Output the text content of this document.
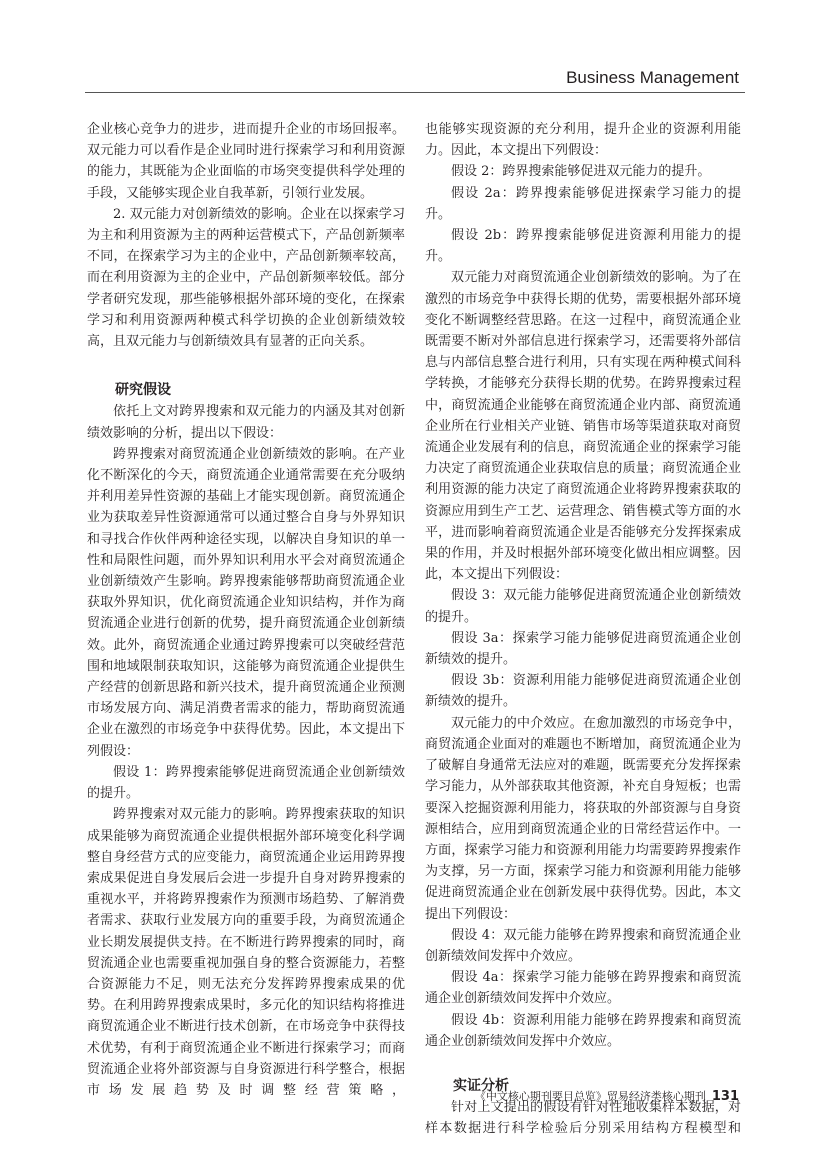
Business Management

企业核心竞争力的进步，进而提升企业的市场回报率。双元能力可以看作是企业同时进行探索学习和利用资源的能力，其既能为企业面临的市场突变提供科学处理的手段，又能够实现企业自我革新，引领行业发展。

2. 双元能力对创新绩效的影响。企业在以探索学习为主和利用资源为主的两种运营模式下，产品创新频率不同，在探索学习为主的企业中，产品创新频率较高，而在利用资源为主的企业中，产品创新频率较低。部分学者研究发现，那些能够根据外部环境的变化，在探索学习和利用资源两种模式科学切换的企业创新绩效较高，且双元能力与创新绩效具有显著的正向关系。

研究假设

依托上文对跨界搜索和双元能力的内涵及其对创新绩效影响的分析，提出以下假设：

跨界搜索对商贸流通企业创新绩效的影响。在产业化不断深化的今天，商贸流通企业通常需要在充分吸纳并利用差异性资源的基础上才能实现创新。商贸流通企业为获取差异性资源通常可以通过整合自身与外界知识和寻找合作伙伴两种途径实现，以解决自身知识的单一性和局限性问题，而外界知识利用水平会对商贸流通企业创新绩效产生影响。跨界搜索能够帮助商贸流通企业获取外界知识，优化商贸流通企业知识结构，并作为商贸流通企业进行创新的优势，提升商贸流通企业创新绩效。此外，商贸流通企业通过跨界搜索可以突破经营范围和地域限制获取知识，这能够为商贸流通企业提供生产经营的创新思路和新兴技术，提升商贸流通企业预测市场发展方向、满足消费者需求的能力，帮助商贸流通企业在激烈的市场竞争中获得优势。因此，本文提出下列假设：

假设 1：跨界搜索能够促进商贸流通企业创新绩效的提升。

跨界搜索对双元能力的影响。跨界搜索获取的知识成果能够为商贸流通企业提供根据外部环境变化科学调整自身经营方式的应变能力，商贸流通企业运用跨界搜索成果促进自身发展后会进一步提升自身对跨界搜索的重视水平，并将跨界搜索作为预测市场趋势、了解消费者需求、获取行业发展方向的重要手段，为商贸流通企业长期发展提供支持。在不断进行跨界搜索的同时，商贸流通企业也需要重视加强自身的整合资源能力，若整合资源能力不足，则无法充分发挥跨界搜索成果的优势。在利用跨界搜索成果时，多元化的知识结构将推进商贸流通企业不断进行技术创新，在市场竞争中获得技术优势，有利于商贸流通企业不断进行探索学习；而商贸流通企业将外部资源与自身资源进行科学整合，根据市场发展趋势及时调整经营策略，

也能够实现资源的充分利用，提升企业的资源利用能力。因此，本文提出下列假设：

假设 2：跨界搜索能够促进双元能力的提升。

假设 2a：跨界搜索能够促进探索学习能力的提升。

假设 2b：跨界搜索能够促进资源利用能力的提升。

双元能力对商贸流通企业创新绩效的影响。为了在激烈的市场竞争中获得长期的优势，需要根据外部环境变化不断调整经营思路。在这一过程中，商贸流通企业既需要不断对外部信息进行探索学习，还需要将外部信息与内部信息整合进行利用，只有实现在两种模式间科学转换，才能够充分获得长期的优势。在跨界搜索过程中，商贸流通企业能够在商贸流通企业内部、商贸流通企业所在行业相关产业链、销售市场等渠道获取对商贸流通企业发展有利的信息，商贸流通企业的探索学习能力决定了商贸流通企业获取信息的质量；商贸流通企业利用资源的能力决定了商贸流通企业将跨界搜索获取的资源应用到生产工艺、运营理念、销售模式等方面的水平，进而影响着商贸流通企业是否能够充分发挥探索成果的作用，并及时根据外部环境变化做出相应调整。因此，本文提出下列假设：

假设 3：双元能力能够促进商贸流通企业创新绩效的提升。

假设 3a：探索学习能力能够促进商贸流通企业创新绩效的提升。

假设 3b：资源利用能力能够促进商贸流通企业创新绩效的提升。

双元能力的中介效应。在愈加激烈的市场竞争中，商贸流通企业面对的难题也不断增加，商贸流通企业为了破解自身通常无法应对的难题，既需要充分发挥探索学习能力，从外部获取其他资源，补充自身短板；也需要深入挖掘资源利用能力，将获取的外部资源与自身资源相结合，应用到商贸流通企业的日常经营运作中。一方面，探索学习能力和资源利用能力均需要跨界搜索作为支撑，另一方面，探索学习能力和资源利用能力能够促进商贸流通企业在创新发展中获得优势。因此，本文提出下列假设：

假设 4：双元能力能够在跨界搜索和商贸流通企业创新绩效间发挥中介效应。

假设 4a：探索学习能力能够在跨界搜索和商贸流通企业创新绩效间发挥中介效应。

假设 4b：资源利用能力能够在跨界搜索和商贸流通企业创新绩效间发挥中介效应。

实证分析

针对上文提出的假设有针对性地收集样本数据，对样本数据进行科学检验后分别采用结构方程模型和

《中文核心期刊要目总览》贸易经济类核心期刊 131
